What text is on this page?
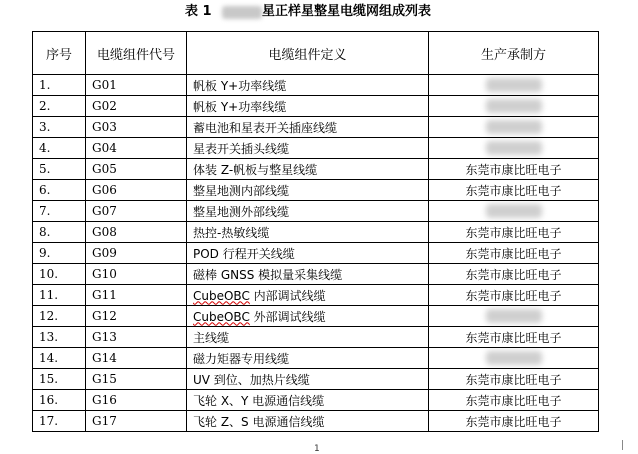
表 1	星正样星整星电缆网组成列表
序号	电缆组件代号	电缆组件定义	生产承制方
1.	G01	帆板 Y+功率线缆	
2.	G02	帆板 Y+功率线缆	
3.	G03	蓄电池和星表开关插座线缆	
4.	G04	星表开关插头线缆	
5.	G05	体装 Z-帆板与整星线缆	东莞市康比旺电子
6.	G06	整星地测内部线缆	东莞市康比旺电子
7.	G07	整星地测外部线缆	
8.	G08	热控-热敏线缆	东莞市康比旺电子
9.	G09	POD 行程开关线缆	东莞市康比旺电子
10.	G10	磁棒 GNSS 模拟量采集线缆	东莞市康比旺电子
11.	G11	CubeOBC 内部调试线缆	东莞市康比旺电子
12.	G12	CubeOBC 外部调试线缆	
13.	G13	主线缆	东莞市康比旺电子
14.	G14	磁力矩器专用线缆	
15.	G15	UV 到位、加热片线缆	东莞市康比旺电子
16.	G16	飞轮 X、Y 电源通信线缆	东莞市康比旺电子
17.	G17	飞轮 Z、S 电源通信线缆	东莞市康比旺电子
1
